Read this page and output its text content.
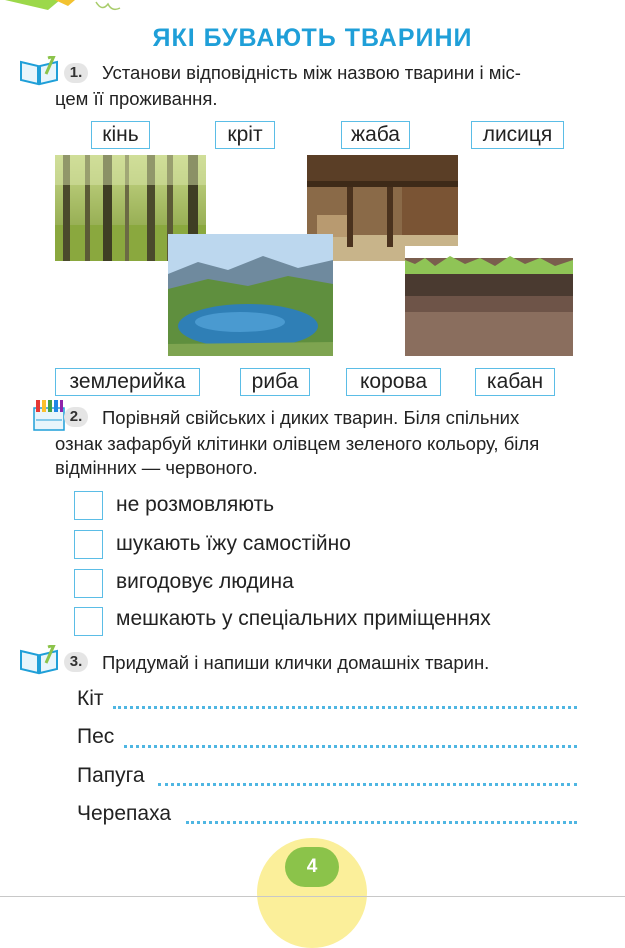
ЯКІ БУВАЮТЬ ТВАРИНИ
1.	Установи відповідність між назвою тварини і міс-
цем її проживання.
кінь	кріт	жаба	лисиця
землерийка	риба	корова	кабан
2.	Порівняй свійських і диких тварин. Біля спільних
ознак зафарбуй клітинки олівцем зеленого кольору, біля
відмінних — червоного.
не розмовляють
шукають їжу самостійно
вигодовує людина
мешкають у спеціальних приміщеннях
3.	Придумай і напиши клички домашніх тварин.
Кіт
Пес
Папуга
Черепаха
4
